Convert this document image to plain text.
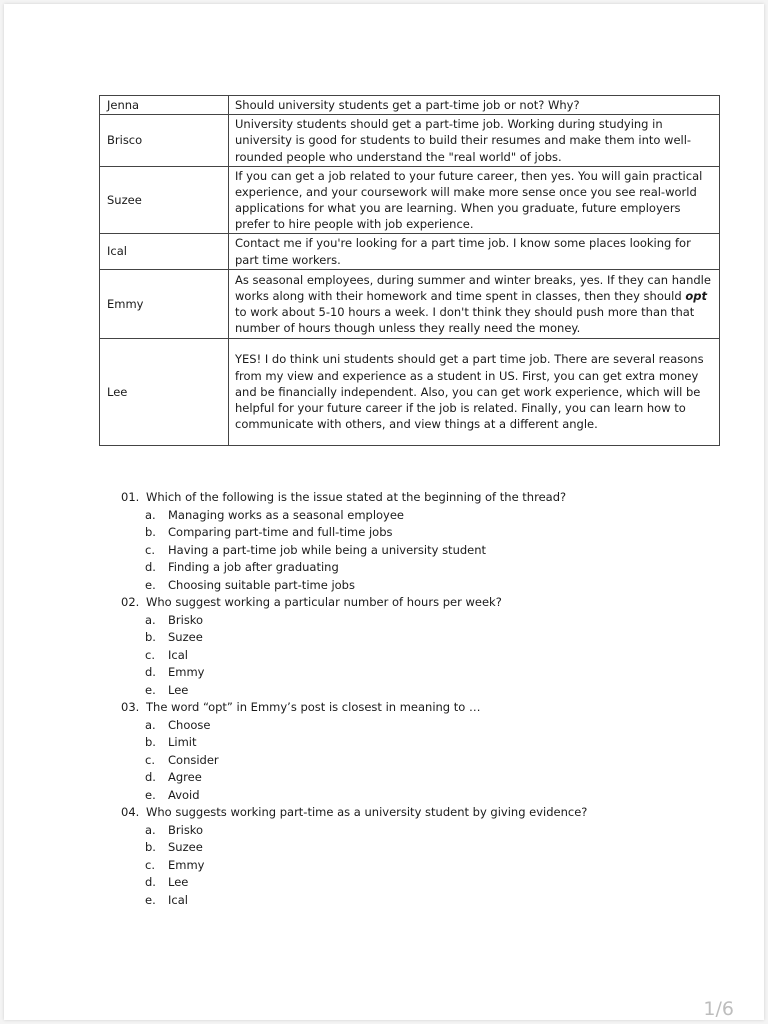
Jenna	Should university students get a part-time job or not? Why?
Brisco	University students should get a part-time job. Working during studying in university is good for students to build their resumes and make them into well-rounded people who understand the "real world" of jobs.
Suzee	If you can get a job related to your future career, then yes. You will gain practical experience, and your coursework will make more sense once you see real-world applications for what you are learning. When you graduate, future employers prefer to hire people with job experience.
Ical	Contact me if you're looking for a part time job. I know some places looking for part time workers.
Emmy	As seasonal employees, during summer and winter breaks, yes. If they can handle works along with their homework and time spent in classes, then they should opt to work about 5-10 hours a week. I don't think they should push more than that number of hours though unless they really need the money.
Lee	YES! I do think uni students should get a part time job. There are several reasons from my view and experience as a student in US. First, you can get extra money and be financially independent. Also, you can get work experience, which will be helpful for your future career if the job is related. Finally, you can learn how to communicate with others, and view things at a different angle.
01. Which of the following is the issue stated at the beginning of the thread?
a. Managing works as a seasonal employee
b. Comparing part-time and full-time jobs
c. Having a part-time job while being a university student
d. Finding a job after graduating
e. Choosing suitable part-time jobs
02. Who suggest working a particular number of hours per week?
a. Brisko
b. Suzee
c. Ical
d. Emmy
e. Lee
03. The word “opt” in Emmy’s post is closest in meaning to …
a. Choose
b. Limit
c. Consider
d. Agree
e. Avoid
04. Who suggests working part-time as a university student by giving evidence?
a. Brisko
b. Suzee
c. Emmy
d. Lee
e. Ical
1/6
